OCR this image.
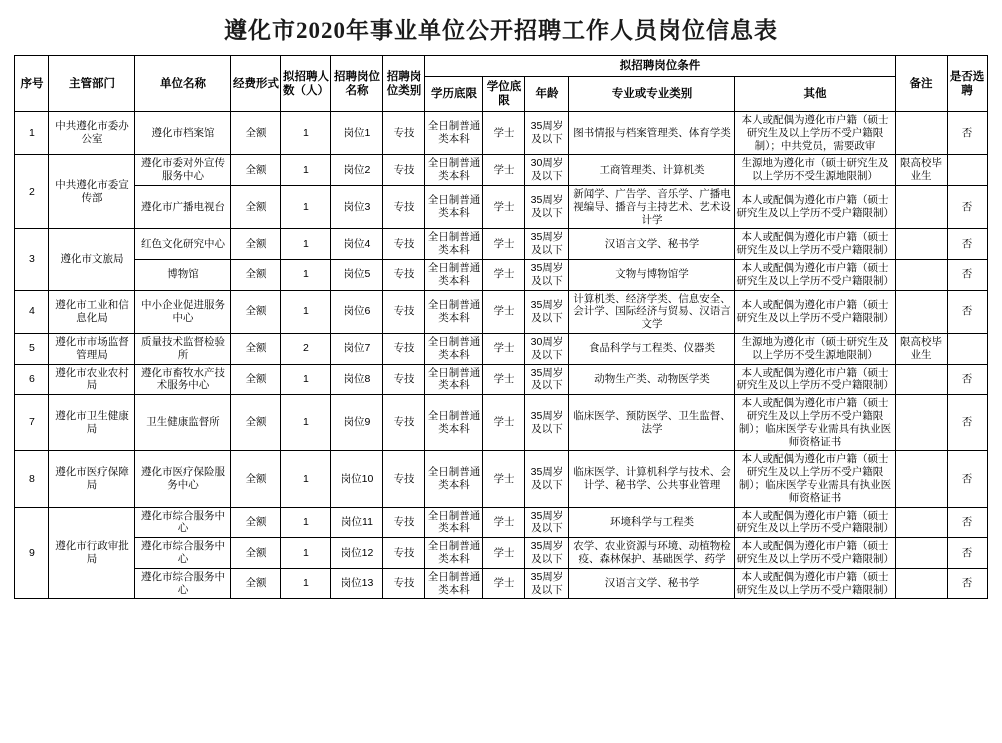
遵化市2020年事业单位公开招聘工作人员岗位信息表
序号	主管部门	单位名称	经费形式	拟招聘人数（人）	招聘岗位名称	招聘岗位类别	拟招聘岗位条件					备注	是否选聘
							学历底限	学位底限	年龄	专业或专业类别	其他		
1	中共遵化市委办公室	遵化市档案馆	全额	1	岗位1	专技	全日制普通类本科	学士	35周岁及以下	图书情报与档案管理类、体育学类	本人或配偶为遵化市户籍（硕士研究生及以上学历不受户籍限制）；中共党员，需要政审		否
2	中共遵化市委宣传部	遵化市委对外宣传服务中心	全额	1	岗位2	专技	全日制普通类本科	学士	30周岁及以下	工商管理类、计算机类	生源地为遵化市（硕士研究生及以上学历不受生源地限制）	限高校毕业生	
		遵化市广播电视台	全额	1	岗位3	专技	全日制普通类本科	学士	35周岁及以下	新闻学、广告学、音乐学、广播电视编导、播音与主持艺术、艺术设计学	本人或配偶为遵化市户籍（硕士研究生及以上学历不受户籍限制）		否
3	遵化市文旅局	红色文化研究中心	全额	1	岗位4	专技	全日制普通类本科	学士	35周岁及以下	汉语言文学、秘书学	本人或配偶为遵化市户籍（硕士研究生及以上学历不受户籍限制）		否
		博物馆	全额	1	岗位5	专技	全日制普通类本科	学士	35周岁及以下	文物与博物馆学	本人或配偶为遵化市户籍（硕士研究生及以上学历不受户籍限制）		否
4	遵化市工业和信息化局	中小企业促进服务中心	全额	1	岗位6	专技	全日制普通类本科	学士	35周岁及以下	计算机类、经济学类、信息安全、会计学、国际经济与贸易、汉语言文学	本人或配偶为遵化市户籍（硕士研究生及以上学历不受户籍限制）		否
5	遵化市市场监督管理局	质量技术监督检验所	全额	2	岗位7	专技	全日制普通类本科	学士	30周岁及以下	食品科学与工程类、仪器类	生源地为遵化市（硕士研究生及以上学历不受生源地限制）	限高校毕业生	
6	遵化市农业农村局	遵化市畜牧水产技术服务中心	全额	1	岗位8	专技	全日制普通类本科	学士	35周岁及以下	动物生产类、动物医学类	本人或配偶为遵化市户籍（硕士研究生及以上学历不受户籍限制）		否
7	遵化市卫生健康局	卫生健康监督所	全额	1	岗位9	专技	全日制普通类本科	学士	35周岁及以下	临床医学、预防医学、卫生监督、法学	本人或配偶为遵化市户籍（硕士研究生及以上学历不受户籍限制）；临床医学专业需具有执业医师资格证书		否
8	遵化市医疗保障局	遵化市医疗保险服务中心	全额	1	岗位10	专技	全日制普通类本科	学士	35周岁及以下	临床医学、计算机科学与技术、会计学、秘书学、公共事业管理	本人或配偶为遵化市户籍（硕士研究生及以上学历不受户籍限制）；临床医学专业需具有执业医师资格证书		否
9	遵化市行政审批局	遵化市综合服务中心	全额	1	岗位11	专技	全日制普通类本科	学士	35周岁及以下	环境科学与工程类	本人或配偶为遵化市户籍（硕士研究生及以上学历不受户籍限制）		否
		遵化市综合服务中心	全额	1	岗位12	专技	全日制普通类本科	学士	35周岁及以下	农学、农业资源与环境、动植物检疫、森林保护、基础医学、药学	本人或配偶为遵化市户籍（硕士研究生及以上学历不受户籍限制）		否
		遵化市综合服务中心	全额	1	岗位13	专技	全日制普通类本科	学士	35周岁及以下	汉语言文学、秘书学	本人或配偶为遵化市户籍（硕士研究生及以上学历不受户籍限制）		否
